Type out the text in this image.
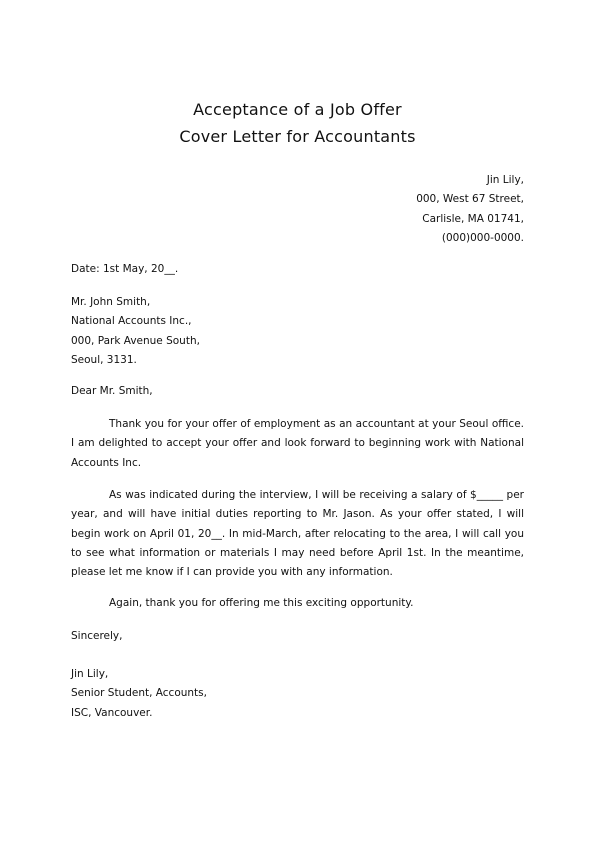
Acceptance of a Job Offer
Cover Letter for Accountants
Jin Lily,
000, West 67 Street,
Carlisle, MA 01741,
(000)000-0000.
Date: 1st May, 20__.
Mr. John Smith,
National Accounts Inc.,
000, Park Avenue South,
Seoul, 3131.
Dear Mr. Smith,
Thank you for your offer of employment as an accountant at your Seoul office. I am delighted to accept your offer and look forward to beginning work with National Accounts Inc.
As was indicated during the interview, I will be receiving a salary of $_____ per year, and will have initial duties reporting to Mr. Jason. As your offer stated, I will begin work on April 01, 20__. In mid-March, after relocating to the area, I will call you to see what information or materials I may need before April 1st. In the meantime, please let me know if I can provide you with any information.
Again, thank you for offering me this exciting opportunity.
Sincerely,
Jin Lily,
Senior Student, Accounts,
ISC, Vancouver.
